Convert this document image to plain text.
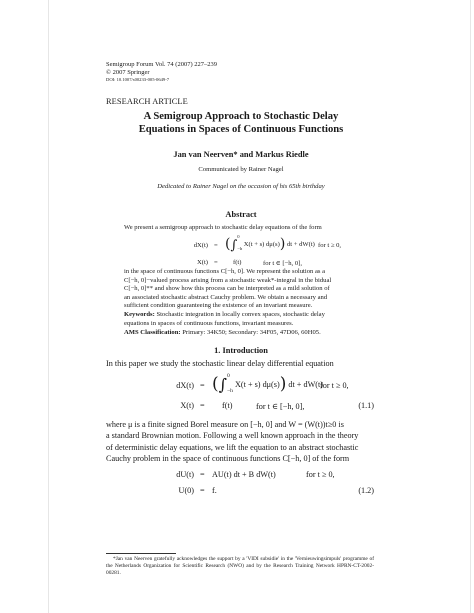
Semigroup Forum Vol. 74 (2007) 227–239
© 2007 Springer
DOI: 10.1007/s00233-005-0649-7
RESEARCH ARTICLE
A Semigroup Approach to Stochastic Delay
Equations in Spaces of Continuous Functions
Jan van Neerven* and Markus Riedle
Communicated by Rainer Nagel
Dedicated to Rainer Nagel on the occasion of his 65th birthday
Abstract
We present a semigroup approach to stochastic delay equations of the form
dX(t) = (∫
0
−h
X(t + s) dμ(s)) dt + dW(t) for t ≥ 0,
X(t) = f(t)	for t ∈ [−h, 0],
in the space of continuous functions C[−h, 0]. We represent the solution as a
C[−h, 0]−valued process arising from a stochastic weak*-integral in the bidual
C[−h, 0]** and show how this process can be interpreted as a mild solution of
an associated stochastic abstract Cauchy problem. We obtain a necessary and
sufficient condition guaranteeing the existence of an invariant measure.
Keywords: Stochastic integration in locally convex spaces, stochastic delay
equations in spaces of continuous functions, invariant measures.
AMS Classification: Primary: 34K50; Secondary: 34F05, 47D06, 60H05.
1. Introduction
In this paper we study the stochastic linear delay differential equation
dX(t) = (∫ 0
−h
X(t + s) dμ(s)) dt + dW(t)
for t ≥ 0,
X(t) = f(t)	for t ∈ [−h, 0],	(1.1)
where μ is a finite signed Borel measure on [−h, 0] and W = (W(t))t≥0 is
a standard Brownian motion. Following a well known approach in the theory
of deterministic delay equations, we lift the equation to an abstract stochastic
Cauchy problem in the space of continuous functions C[−h, 0] of the form
dU(t) = AU(t) dt + B dW(t)	for t ≥ 0,
U(0) = f.	(1.2)
*Jan van Neerven gratefully acknowledges the support by a 'VIDI subsidie' in the 'Vernieuwingsimpuls' programme of the Netherlands Organization for Scientific Research (NWO) and by the Research Training Network HPRN-CT-2002-00281.
